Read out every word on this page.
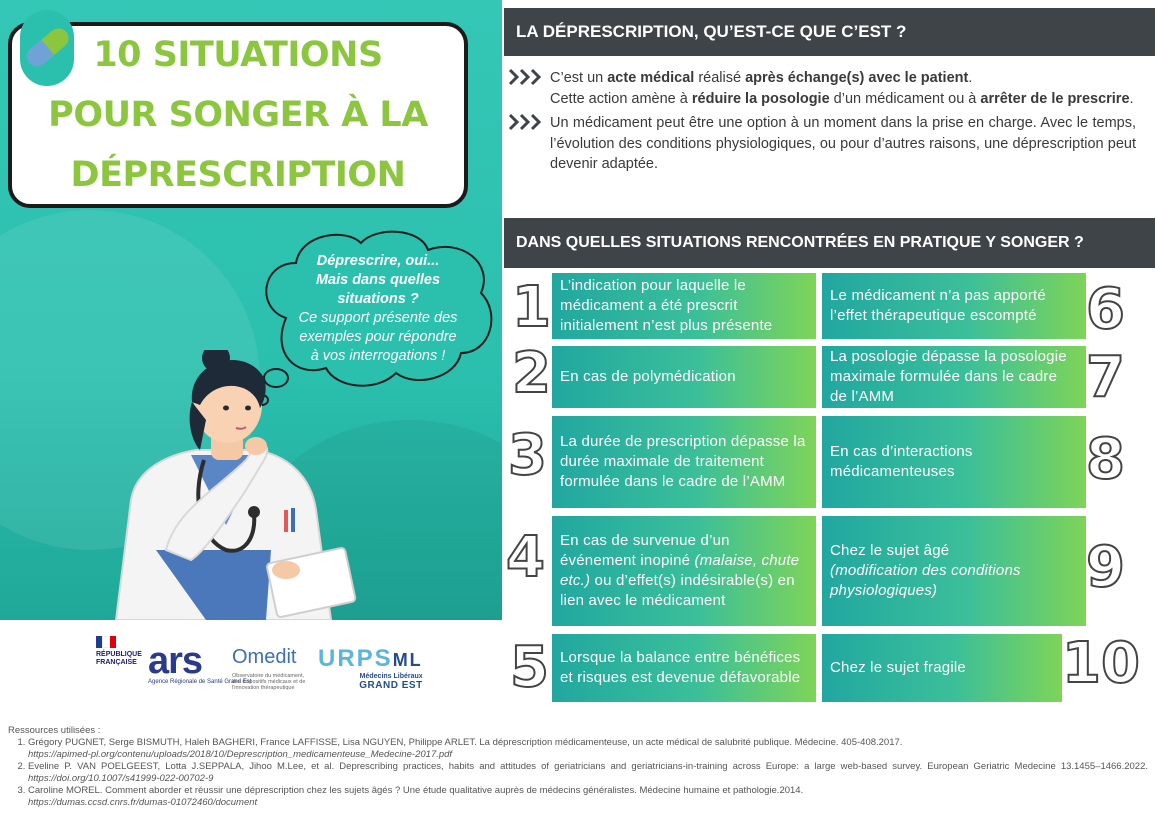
10 SITUATIONS
POUR SONGER À LA
DÉPRESCRIPTION
Déprescrire, oui...
Mais dans quelles
situations ?
Ce support présente des
exemples pour répondre
à vos interrogations !
RÉPUBLIQUE
FRANÇAISE ars
Agence Régionale de Santé Grand Est
Omedit
Observatoire du médicament, des dispositifs médicaux et de l'innovation thérapeutique
URPSML
Médecins Libéraux
GRAND EST
LA DÉPRESCRIPTION, QU’EST-CE QUE C’EST ?
C’est un acte médical réalisé après échange(s) avec le patient.
Cette action amène à réduire la posologie d’un médicament ou à arrêter de le prescrire.
Un médicament peut être une option à un moment dans la prise en charge. Avec le temps, l’évolution des conditions physiologiques, ou pour d’autres raisons, une déprescription peut devenir adaptée.
DANS QUELLES SITUATIONS RENCONTRÉES EN PRATIQUE Y SONGER ?
1
2
3
4
5
6
7
8
9
10
L’indication pour laquelle le médicament a été prescrit initialement n’est plus présente
En cas de polymédication
La durée de prescription dépasse la durée maximale de traitement formulée dans le cadre de l’AMM
En cas de survenue d’un événement inopiné (malaise, chute etc.) ou d’effet(s) indésirable(s) en lien avec le médicament
Lorsque la balance entre bénéfices et risques est devenue défavorable
Le médicament n’a pas apporté l’effet thérapeutique escompté
La posologie dépasse la posologie maximale formulée dans le cadre de l’AMM
En cas d’interactions médicamenteuses
Chez le sujet âgé
(modification des conditions physiologiques)
Chez le sujet fragile
Ressources utilisées :
1. Grégory PUGNET, Serge BISMUTH, Haleh BAGHERI, France LAFFISSE, Lisa NGUYEN, Philippe ARLET. La déprescription médicamenteuse, un acte médical de salubrité publique. Médecine. 405-408.2017.
https://apimed-pl.org/contenu/uploads/2018/10/Deprescription_medicamenteuse_Medecine-2017.pdf
2. Eveline P. VAN POELGEEST, Lotta J.SEPPALA, Jihoo M.Lee, et al. Deprescribing practices, habits and attitudes of geriatricians and geriatricians-in-training across Europe: a large web-based survey. European Geriatric Medecine 13.1455–1466.2022. https://doi.org/10.1007/s41999-022-00702-9
3. Caroline MOREL. Comment aborder et réussir une déprescription chez les sujets âgés ? Une étude qualitative auprès de médecins généralistes. Médecine humaine et pathologie.2014.
https://dumas.ccsd.cnrs.fr/dumas-01072460/document
